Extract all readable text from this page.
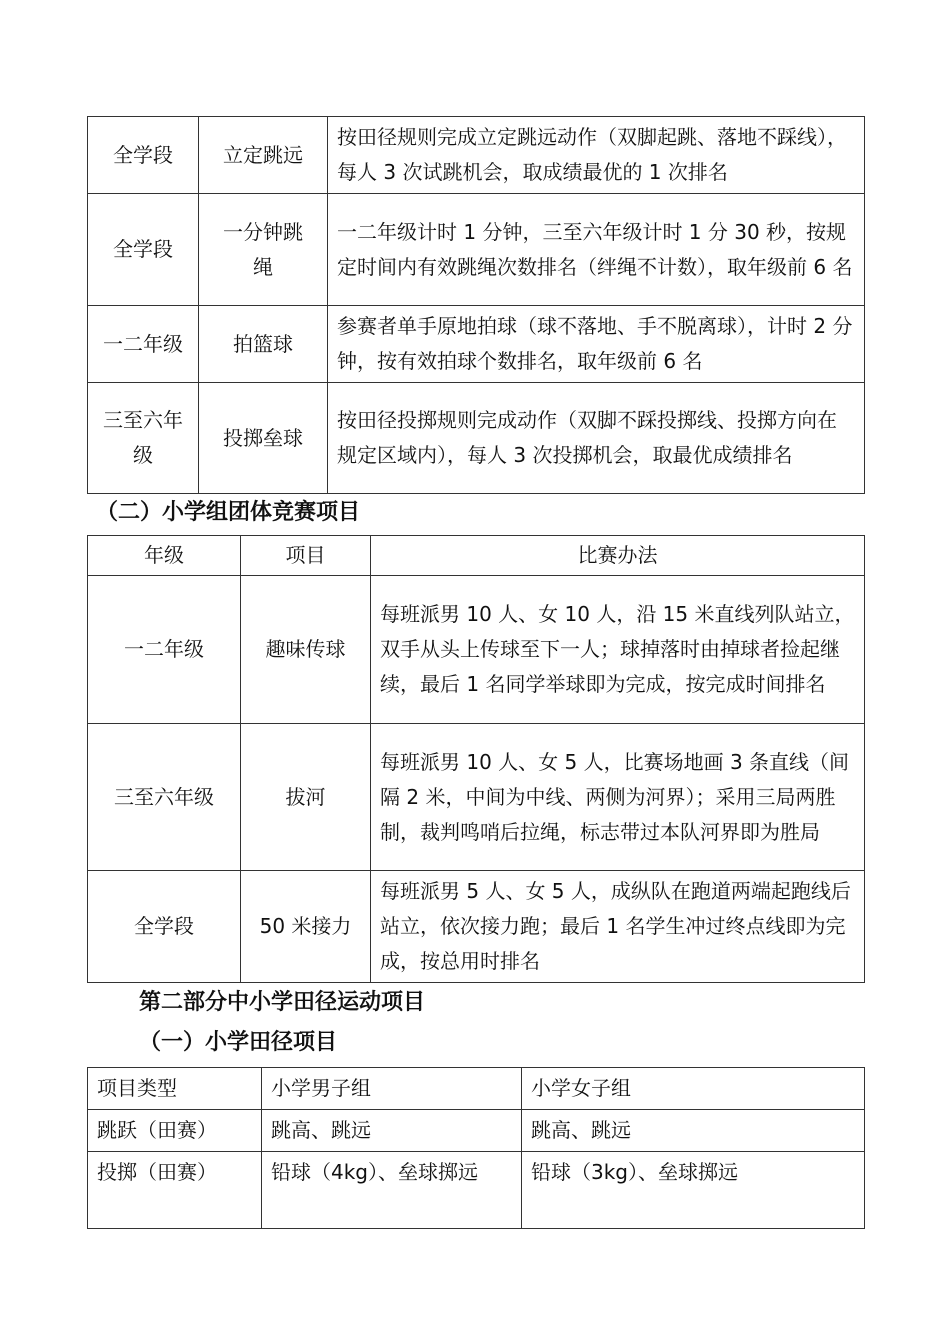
全学段	立定跳远	按田径规则完成立定跳远动作（双脚起跳、落地不踩线），每人 3 次试跳机会，取成绩最优的 1 次排名
全学段	一分钟跳绳	一二年级计时 1 分钟，三至六年级计时 1 分 30 秒，按规定时间内有效跳绳次数排名（绊绳不计数），取年级前 6 名
一二年级	拍篮球	参赛者单手原地拍球（球不落地、手不脱离球），计时 2 分钟，按有效拍球个数排名，取年级前 6 名
三至六年级	投掷垒球	按田径投掷规则完成动作（双脚不踩投掷线、投掷方向在规定区域内），每人 3 次投掷机会，取最优成绩排名
（二）小学组团体竞赛项目
年级	项目	比赛办法
一二年级	趣味传球	每班派男 10 人、女 10 人，沿 15 米直线列队站立，双手从头上传球至下一人；球掉落时由掉球者捡起继续，最后 1 名同学举球即为完成，按完成时间排名
三至六年级	拔河	每班派男 10 人、女 5 人，比赛场地画 3 条直线（间隔 2 米，中间为中线、两侧为河界）；采用三局两胜制，裁判鸣哨后拉绳，标志带过本队河界即为胜局
全学段	50 米接力	每班派男 5 人、女 5 人，成纵队在跑道两端起跑线后站立，依次接力跑；最后 1 名学生冲过终点线即为完成，按总用时排名
第二部分中小学田径运动项目
（一）小学田径项目
项目类型	小学男子组	小学女子组
跳跃（田赛）	跳高、跳远	跳高、跳远
投掷（田赛）	铅球（4kg）、垒球掷远	铅球（3kg）、垒球掷远
